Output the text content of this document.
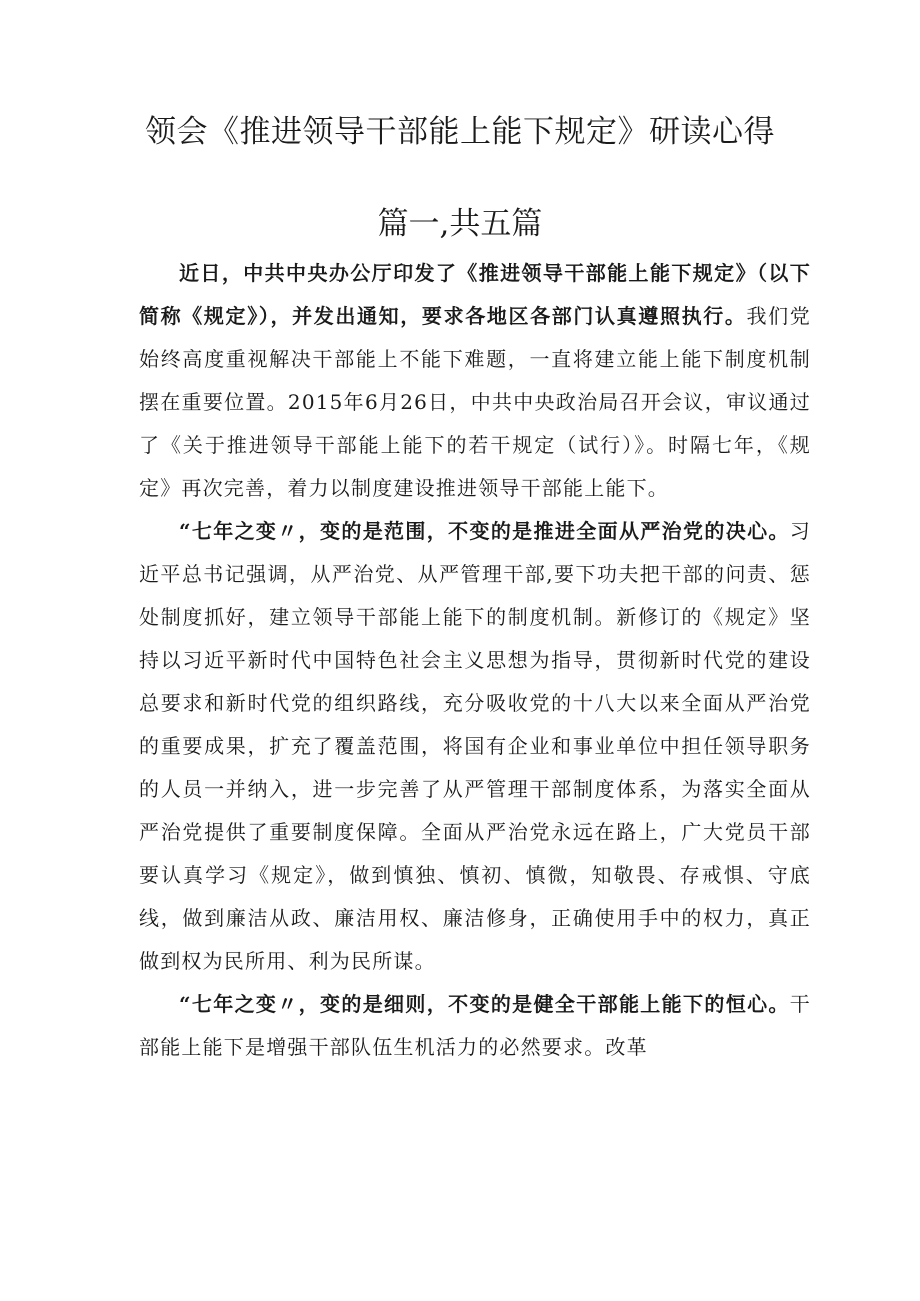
领会《推进领导干部能上能下规定》研读心得
篇一,共五篇

近日，中共中央办公厅印发了《推进领导干部能上能下规定》（以下简称《规定》），并发出通知，要求各地区各部门认真遵照执行。我们党始终高度重视解决干部能上不能下难题，一直将建立能上能下制度机制摆在重要位置。2015年6月26日，中共中央政治局召开会议，审议通过了《关于推进领导干部能上能下的若干规定（试行）》。时隔七年，《规定》再次完善，着力以制度建设推进领导干部能上能下。

“七年之变〃，变的是范围，不变的是推进全面从严治党的决心。习近平总书记强调，从严治党、从严管理干部,要下功夫把干部的问责、惩处制度抓好，建立领导干部能上能下的制度机制。新修订的《规定》坚持以习近平新时代中国特色社会主义思想为指导，贯彻新时代党的建设总要求和新时代党的组织路线，充分吸收党的十八大以来全面从严治党的重要成果，扩充了覆盖范围，将国有企业和事业单位中担任领导职务的人员一并纳入，进一步完善了从严管理干部制度体系，为落实全面从严治党提供了重要制度保障。全面从严治党永远在路上，广大党员干部要认真学习《规定》，做到慎独、慎初、慎微，知敬畏、存戒惧、守底线，做到廉洁从政、廉洁用权、廉洁修身，正确使用手中的权力，真正做到权为民所用、利为民所谋。

“七年之变〃，变的是细则，不变的是健全干部能上能下的恒心。干部能上能下是增强干部队伍生机活力的必然要求。改革
